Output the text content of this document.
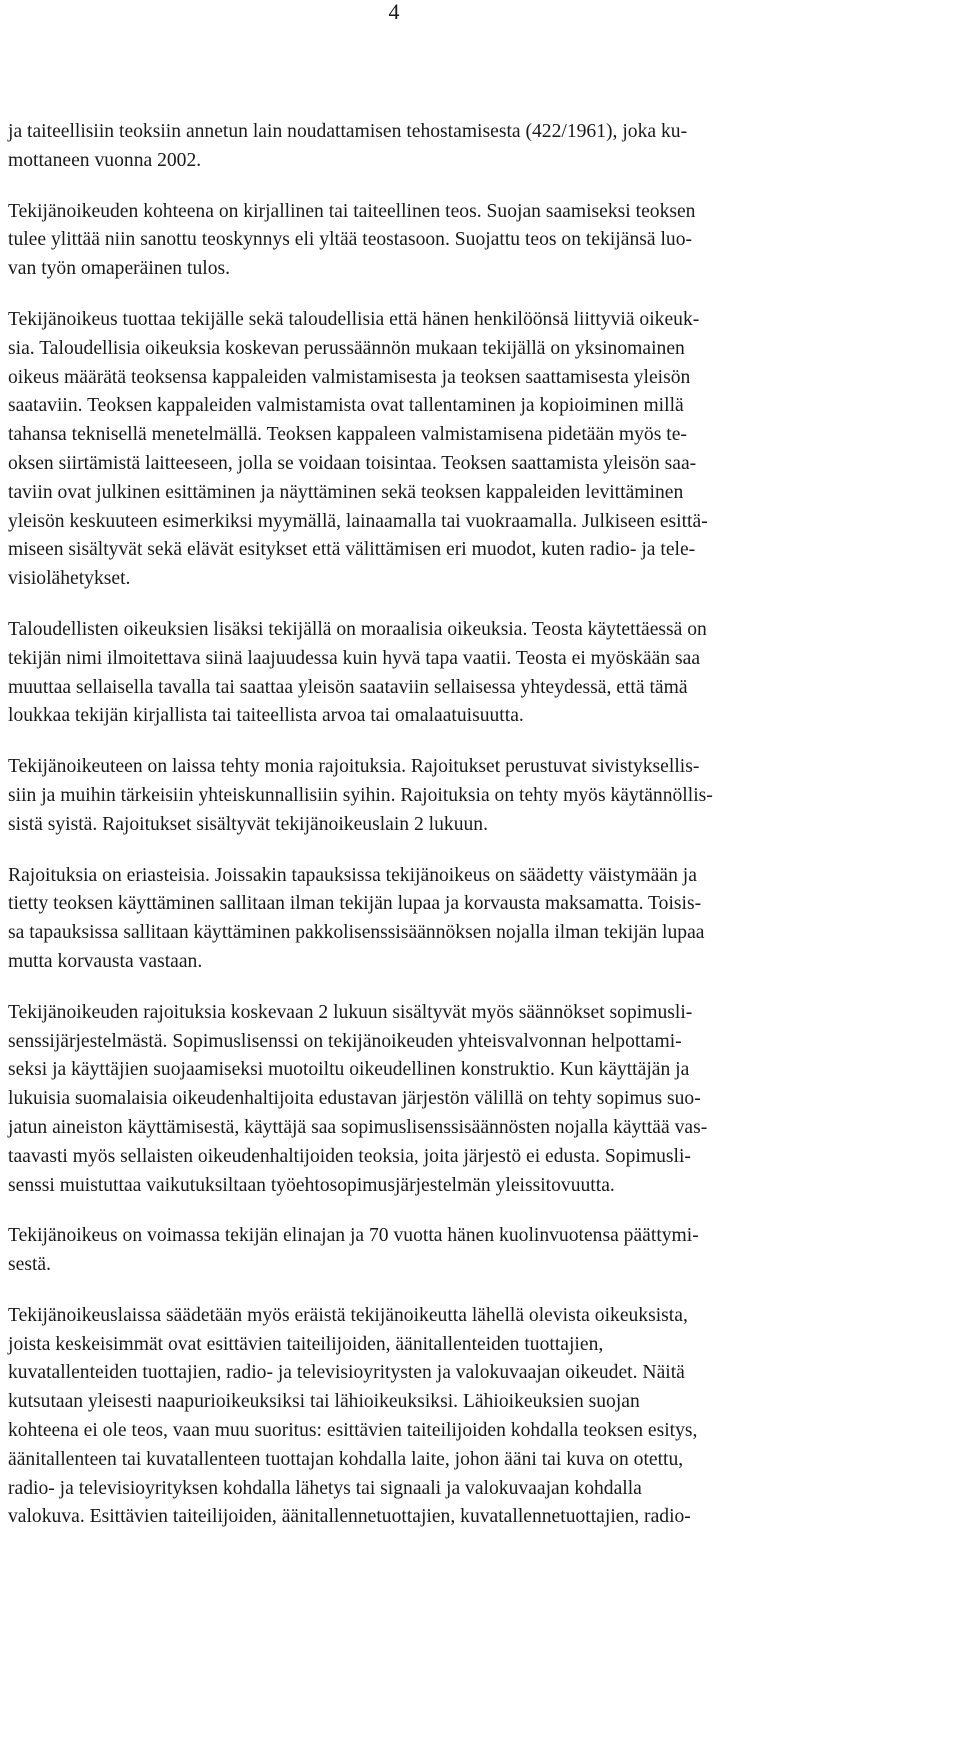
4
ja taiteellisiin teoksiin annetun lain noudattamisen tehostamisesta (422/1961), joka ku-
mottaneen vuonna 2002.
Tekijänoikeuden kohteena on kirjallinen tai taiteellinen teos. Suojan saamiseksi teoksen
tulee ylittää niin sanottu teoskynnys eli yltää teostasoon. Suojattu teos on tekijänsä luo-
van työn omaperäinen tulos.
Tekijänoikeus tuottaa tekijälle sekä taloudellisia että hänen henkilöönsä liittyviä oikeuk-
sia. Taloudellisia oikeuksia koskevan perussäännön mukaan tekijällä on yksinomainen
oikeus määrätä teoksensa kappaleiden valmistamisesta ja teoksen saattamisesta yleisön
saataviin. Teoksen kappaleiden valmistamista ovat tallentaminen ja kopioiminen millä
tahansa teknisellä menetelmällä. Teoksen kappaleen valmistamisena pidetään myös te-
oksen siirtämistä laitteeseen, jolla se voidaan toisintaa. Teoksen saattamista yleisön saa-
taviin ovat julkinen esittäminen ja näyttäminen sekä teoksen kappaleiden levittäminen
yleisön keskuuteen esimerkiksi myymällä, lainaamalla tai vuokraamalla. Julkiseen esittä-
miseen sisältyvät sekä elävät esitykset että välittämisen eri muodot, kuten radio- ja tele-
visiolähetykset.
Taloudellisten oikeuksien lisäksi tekijällä on moraalisia oikeuksia. Teosta käytettäessä on
tekijän nimi ilmoitettava siinä laajuudessa kuin hyvä tapa vaatii. Teosta ei myöskään saa
muuttaa sellaisella tavalla tai saattaa yleisön saataviin sellaisessa yhteydessä, että tämä
loukkaa tekijän kirjallista tai taiteellista arvoa tai omalaatuisuutta.
Tekijänoikeuteen on laissa tehty monia rajoituksia. Rajoitukset perustuvat sivistyksellis-
siin ja muihin tärkeisiin yhteiskunnallisiin syihin. Rajoituksia on tehty myös käytännöllis-
sistä syistä. Rajoitukset sisältyvät tekijänoikeuslain 2 lukuun.
Rajoituksia on eriasteisia. Joissakin tapauksissa tekijänoikeus on säädetty väistymään ja
tietty teoksen käyttäminen sallitaan ilman tekijän lupaa ja korvausta maksamatta. Toisis-
sa tapauksissa sallitaan käyttäminen pakkolisenssisäännöksen nojalla ilman tekijän lupaa
mutta korvausta vastaan.
Tekijänoikeuden rajoituksia koskevaan 2 lukuun sisältyvät myös säännökset sopimusli-
senssijärjestelmästä. Sopimuslisenssi on tekijänoikeuden yhteisvalvonnan helpottami-
seksi ja käyttäjien suojaamiseksi muotoiltu oikeudellinen konstruktio. Kun käyttäjän ja
lukuisia suomalaisia oikeudenhaltijoita edustavan järjestön välillä on tehty sopimus suo-
jatun aineiston käyttämisestä, käyttäjä saa sopimuslisenssisäännösten nojalla käyttää vas-
taavasti myös sellaisten oikeudenhaltijoiden teoksia, joita järjestö ei edusta. Sopimusli-
senssi muistuttaa vaikutuksiltaan työehtosopimusjärjestelmän yleissitovuutta.
Tekijänoikeus on voimassa tekijän elinajan ja 70 vuotta hänen kuolinvuotensa päättymi-
sestä.
Tekijänoikeuslaissa säädetään myös eräistä tekijänoikeutta lähellä olevista oikeuksista,
joista keskeisimmät ovat esittävien taiteilijoiden, äänitallenteiden tuottajien,
kuvatallenteiden tuottajien, radio- ja televisioyritysten ja valokuvaajan oikeudet. Näitä
kutsutaan yleisesti naapurioikeuksiksi tai lähioikeuksiksi. Lähioikeuksien suojan
kohteena ei ole teos, vaan muu suoritus: esittävien taiteilijoiden kohdalla teoksen esitys,
äänitallenteen tai kuvatallenteen tuottajan kohdalla laite, johon ääni tai kuva on otettu,
radio- ja televisioyrityksen kohdalla lähetys tai signaali ja valokuvaajan kohdalla
valokuva. Esittävien taiteilijoiden, äänitallennetuottajien, kuvatallennetuottajien, radio-
